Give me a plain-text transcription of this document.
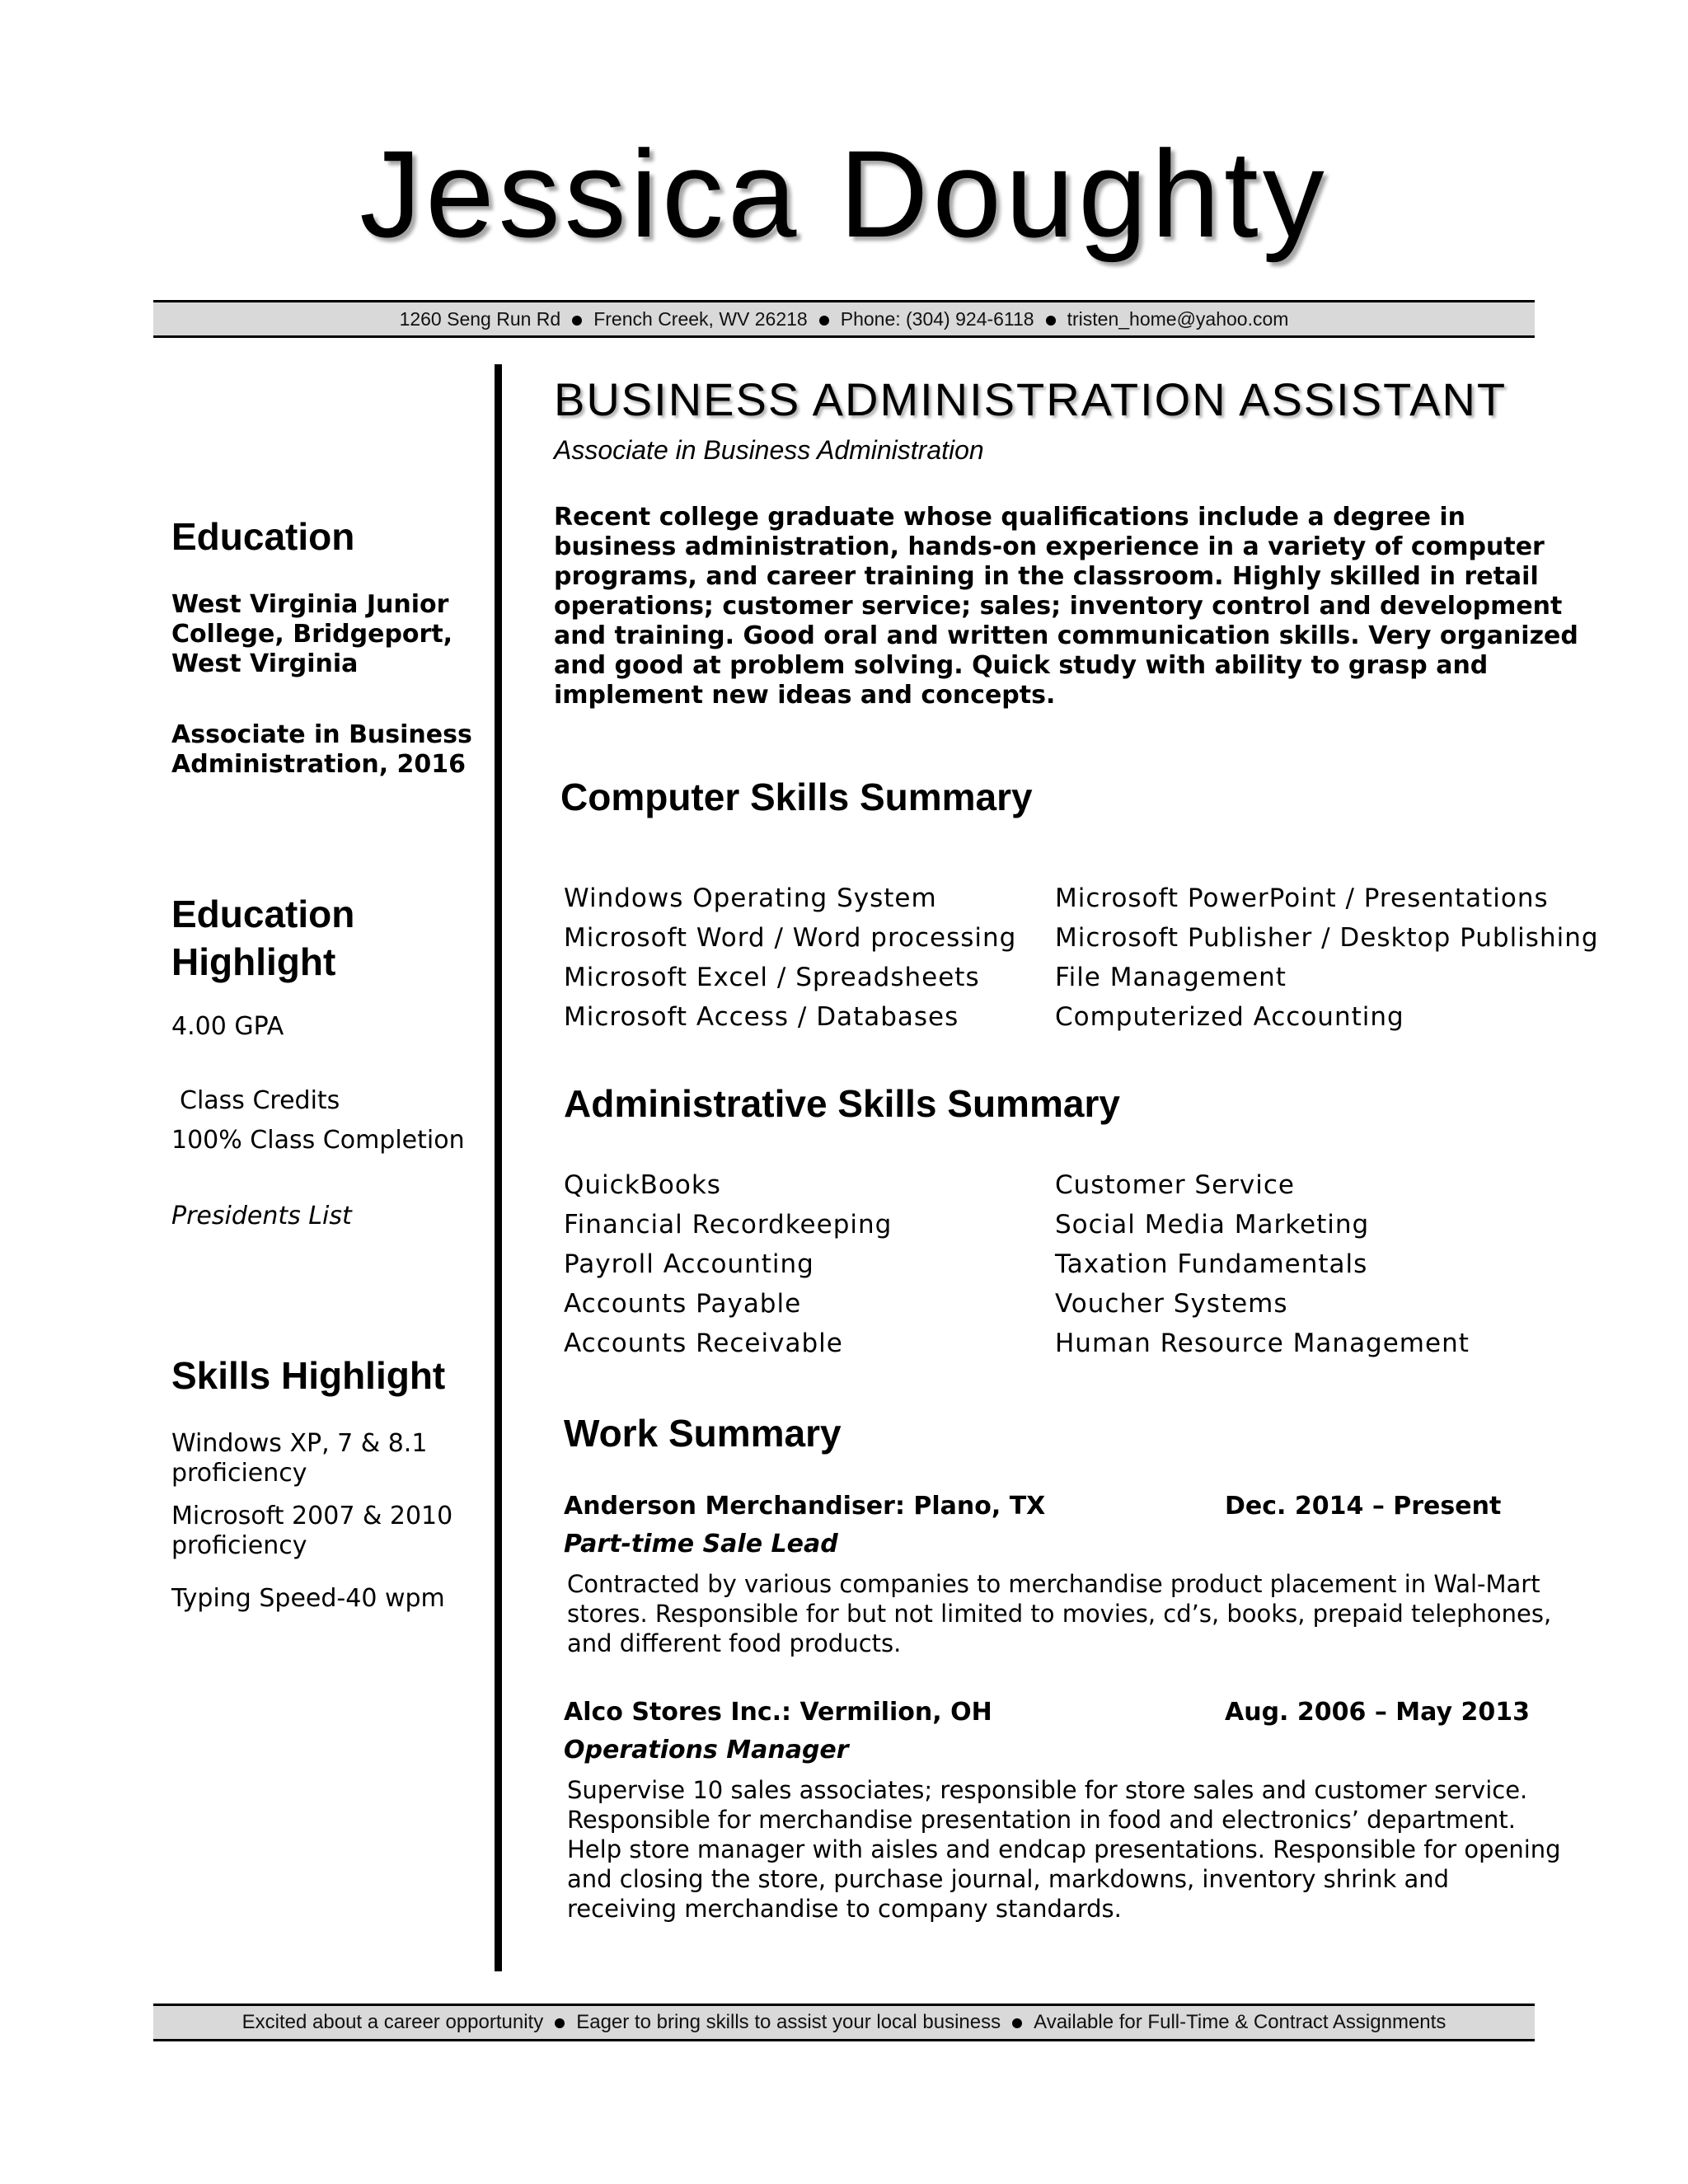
Jessica Doughty
1260 Seng Run Rd French Creek, WV 26218 Phone: (304) 924-6118 tristen_home@yahoo.com
Education
West Virginia Junior
College, Bridgeport,
West Virginia
Associate in Business
Administration, 2016
Education
Highlight
4.00 GPA
Class Credits
100% Class Completion
Presidents List
Skills Highlight
Windows XP, 7 & 8.1
proficiency
Microsoft 2007 & 2010
proficiency
Typing Speed-40 wpm
BUSINESS ADMINISTRATION ASSISTANT
Associate in Business Administration
Recent college graduate whose qualifications include a degree in
business administration, hands-on experience in a variety of computer
programs, and career training in the classroom. Highly skilled in retail
operations; customer service; sales; inventory control and development
and training. Good oral and written communication skills. Very organized
and good at problem solving. Quick study with ability to grasp and
implement new ideas and concepts.
Computer Skills Summary
Windows Operating System
Microsoft Word / Word processing
Microsoft Excel / Spreadsheets
Microsoft Access / Databases
Microsoft PowerPoint / Presentations
Microsoft Publisher / Desktop Publishing
File Management
Computerized Accounting
Administrative Skills Summary
QuickBooks
Financial Recordkeeping
Payroll Accounting
Accounts Payable
Accounts Receivable
Customer Service
Social Media Marketing
Taxation Fundamentals
Voucher Systems
Human Resource Management
Work Summary
Anderson Merchandiser: Plano, TX	Dec. 2014 – Present
Part-time Sale Lead
Contracted by various companies to merchandise product placement in Wal-Mart
stores. Responsible for but not limited to movies, cd’s, books, prepaid telephones,
and different food products.
Alco Stores Inc.: Vermilion, OH	Aug. 2006 – May 2013
Operations Manager
Supervise 10 sales associates; responsible for store sales and customer service.
Responsible for merchandise presentation in food and electronics’ department.
Help store manager with aisles and endcap presentations. Responsible for opening
and closing the store, purchase journal, markdowns, inventory shrink and
receiving merchandise to company standards.
Excited about a career opportunity Eager to bring skills to assist your local business Available for Full-Time & Contract Assignments
